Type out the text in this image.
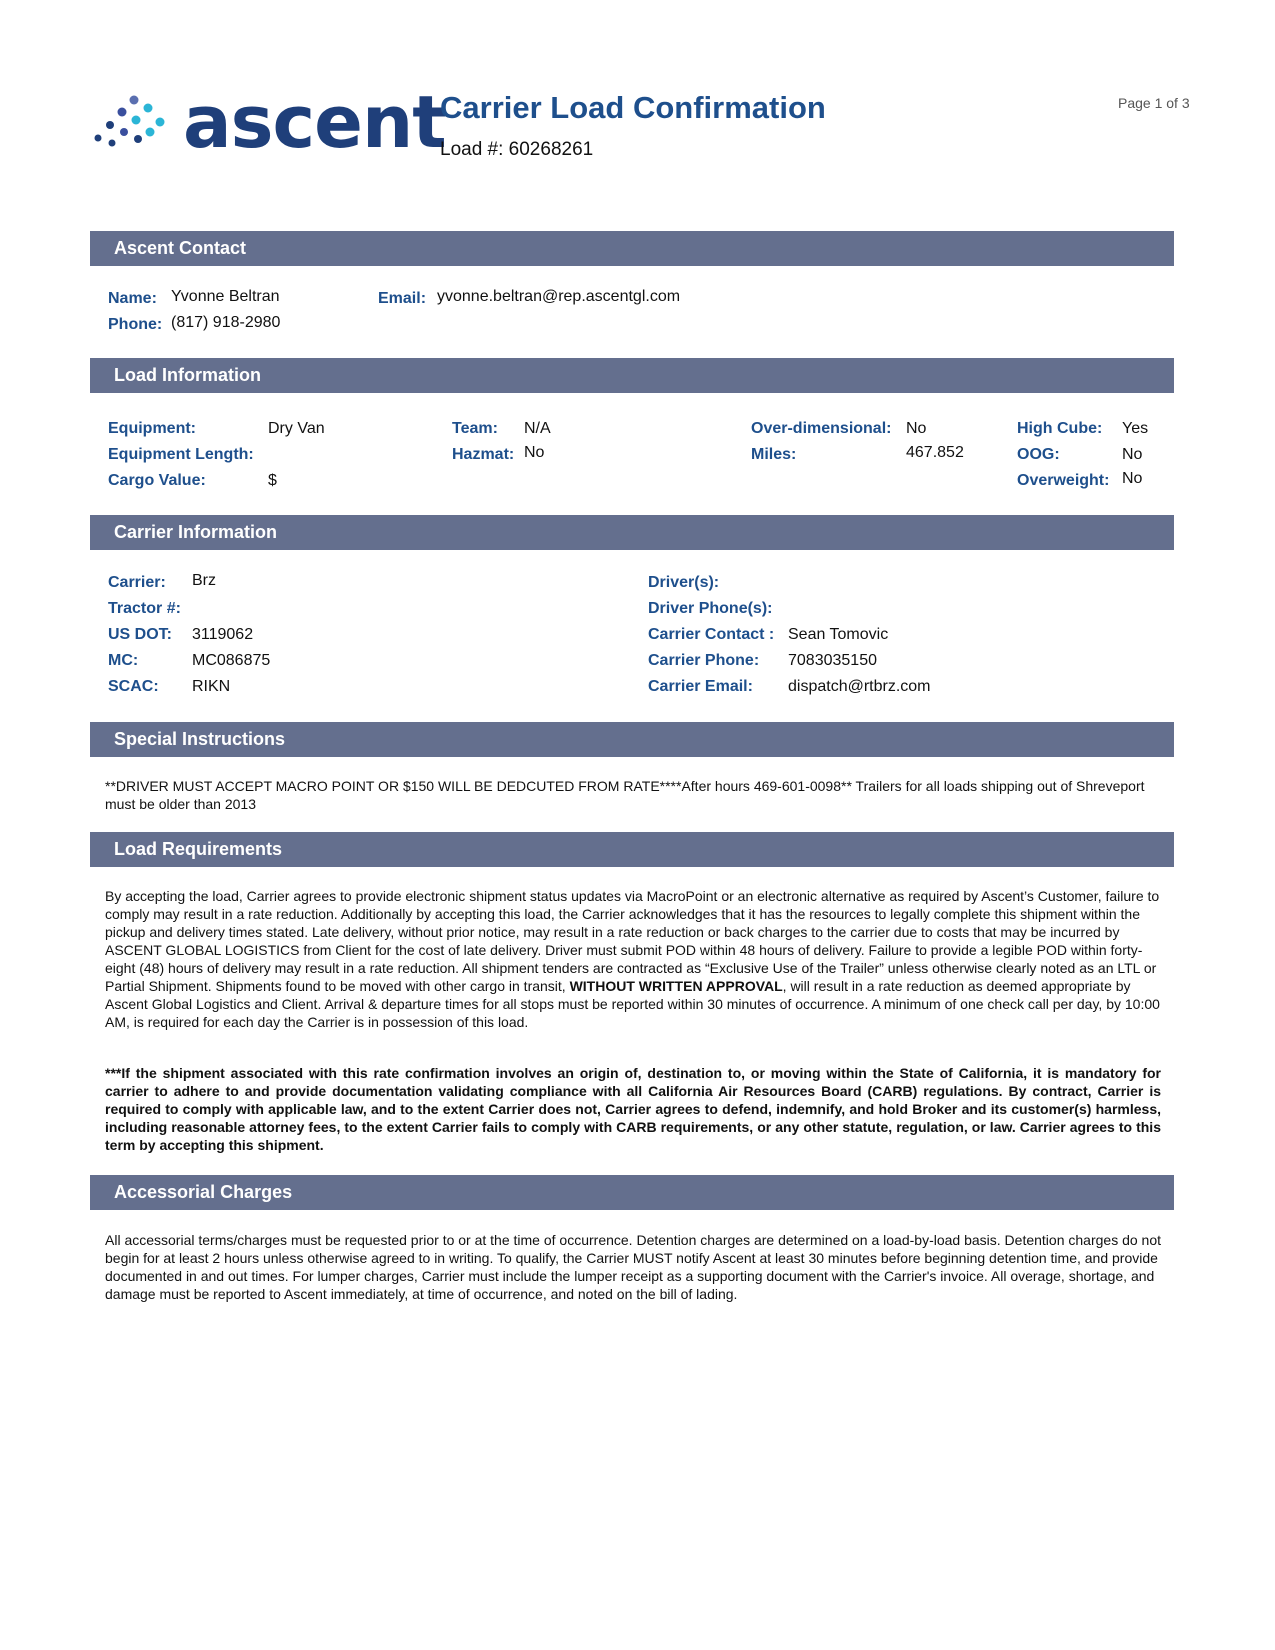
Page 1 of 3
ascent
Carrier Load Confirmation
Load #: 60268261
Ascent Contact
Name: Yvonne Beltran
Phone: (817) 918-2980
Email: yvonne.beltran@rep.ascentgl.com
Load Information
Equipment:	Dry Van
Equipment Length:
Cargo Value:	$
Team: N/A
Hazmat: No
Over-dimensional: No
Miles:	467.852
High Cube: Yes
OOG:	No
Overweight: No
Carrier Information
Carrier: Brz
Tractor #:
US DOT: 3119062
MC:	MC086875
SCAC: RIKN
Driver(s):
Driver Phone(s):
Carrier Contact : Sean Tomovic
Carrier Phone: 7083035150
Carrier Email: dispatch@rtbrz.com
Special Instructions
**DRIVER MUST ACCEPT MACRO POINT OR $150 WILL BE DEDCUTED FROM RATE****After hours 469-601-0098** Trailers for all loads shipping out of Shreveport must be older than 2013
Load Requirements
By accepting the load, Carrier agrees to provide electronic shipment status updates via MacroPoint or an electronic alternative as required by Ascent’s Customer, failure to comply may result in a rate reduction. Additionally by accepting this load, the Carrier acknowledges that it has the resources to legally complete this shipment within the pickup and delivery times stated. Late delivery, without prior notice, may result in a rate reduction or back charges to the carrier due to costs that may be incurred by ASCENT GLOBAL LOGISTICS from Client for the cost of late delivery. Driver must submit POD within 48 hours of delivery. Failure to provide a legible POD within forty-eight (48) hours of delivery may result in a rate reduction. All shipment tenders are contracted as “Exclusive Use of the Trailer” unless otherwise clearly noted as an LTL or Partial Shipment. Shipments found to be moved with other cargo in transit, WITHOUT WRITTEN APPROVAL, will result in a rate reduction as deemed appropriate by Ascent Global Logistics and Client. Arrival & departure times for all stops must be reported within 30 minutes of occurrence. A minimum of one check call per day, by 10:00 AM, is required for each day the Carrier is in possession of this load.
***If the shipment associated with this rate confirmation involves an origin of, destination to, or moving within the State of California, it is mandatory for carrier to adhere to and provide documentation validating compliance with all California Air Resources Board (CARB) regulations. By contract, Carrier is required to comply with applicable law, and to the extent Carrier does not, Carrier agrees to defend, indemnify, and hold Broker and its customer(s) harmless, including reasonable attorney fees, to the extent Carrier fails to comply with CARB requirements, or any other statute, regulation, or law. Carrier agrees to this term by accepting this shipment.
Accessorial Charges
All accessorial terms/charges must be requested prior to or at the time of occurrence. Detention charges are determined on a load-by-load basis. Detention charges do not begin for at least 2 hours unless otherwise agreed to in writing. To qualify, the Carrier MUST notify Ascent at least 30 minutes before beginning detention time, and provide documented in and out times. For lumper charges, Carrier must include the lumper receipt as a supporting document with the Carrier's invoice. All overage, shortage, and damage must be reported to Ascent immediately, at time of occurrence, and noted on the bill of lading.
